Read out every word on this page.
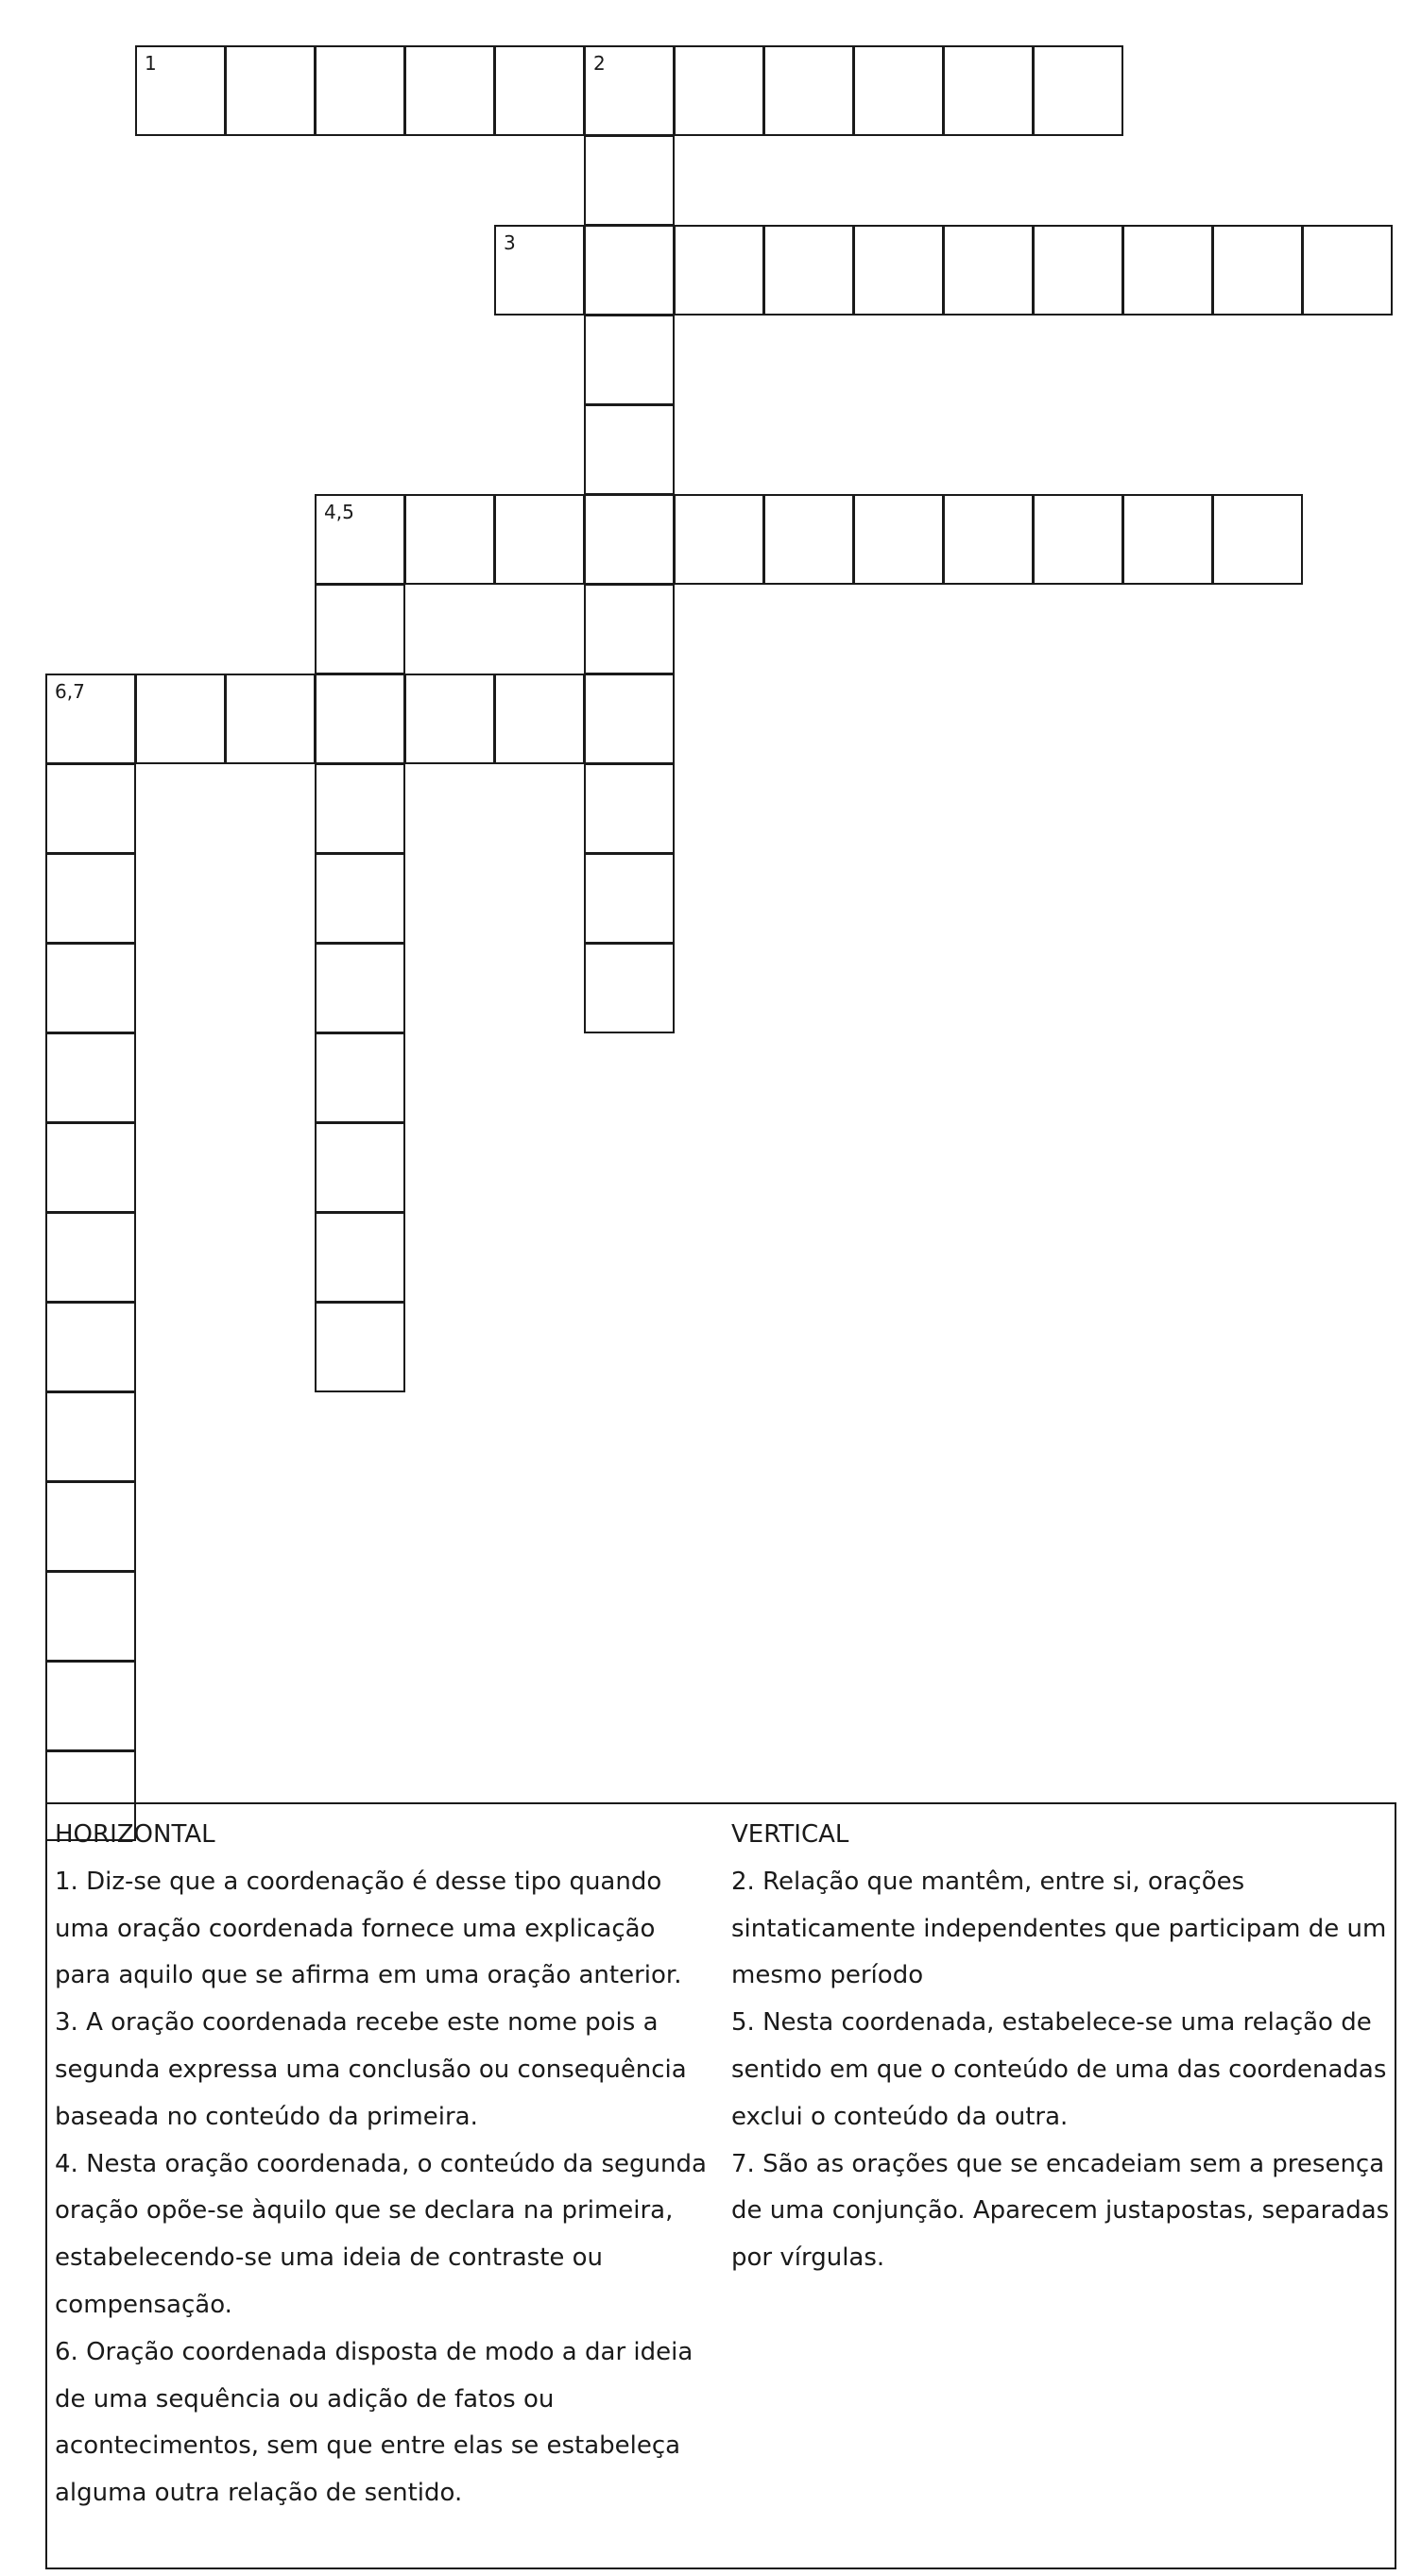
1	2
3
4,5
6,7
HORIZONTAL
1. Diz-se que a coordenação é desse tipo quando uma oração coordenada fornece uma explicação para aquilo que se afirma em uma oração anterior.
3. A oração coordenada recebe este nome pois a segunda expressa uma conclusão ou consequência baseada no conteúdo da primeira.
4. Nesta oração coordenada, o conteúdo da segunda oração opõe-se àquilo que se declara na primeira, estabelecendo-se uma ideia de contraste ou compensação.
6. Oração coordenada disposta de modo a dar ideia de uma sequência ou adição de fatos ou acontecimentos, sem que entre elas se estabeleça alguma outra relação de sentido.
VERTICAL
2. Relação que mantêm, entre si, orações sintaticamente independentes que participam de um mesmo período
5. Nesta coordenada, estabelece-se uma relação de sentido em que o conteúdo de uma das coordenadas exclui o conteúdo da outra.
7. São as orações que se encadeiam sem a presença de uma conjunção. Aparecem justapostas, separadas por vírgulas.
